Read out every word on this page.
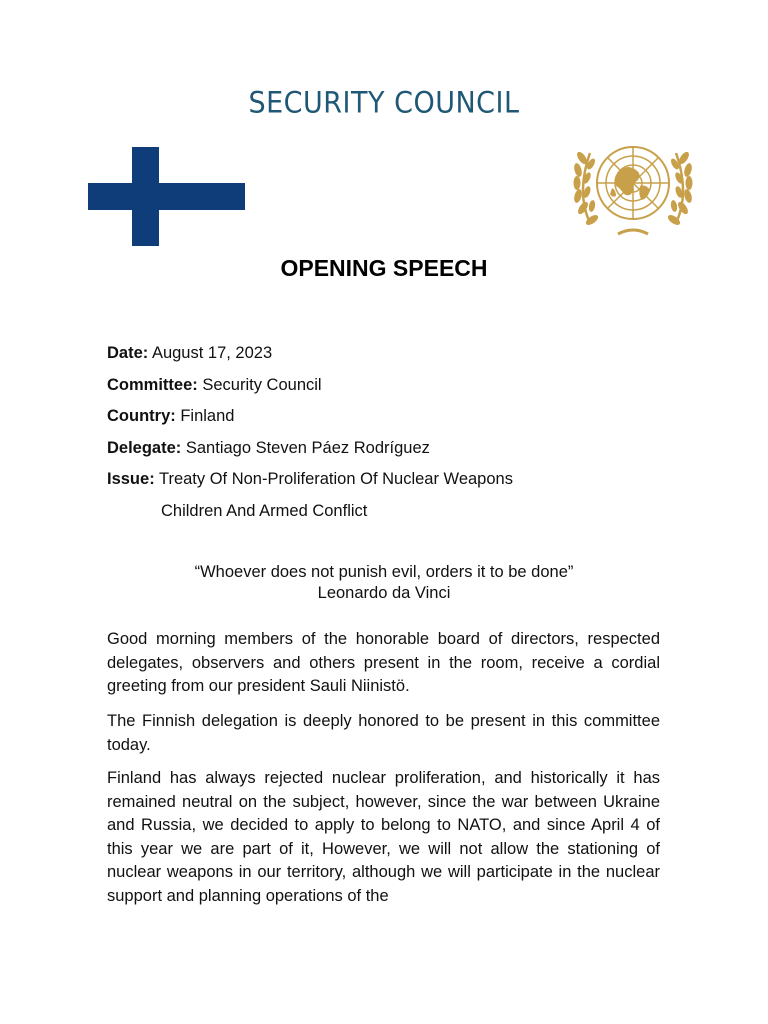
SECURITY COUNCIL
OPENING SPEECH
Date: August 17, 2023
Committee: Security Council
Country: Finland
Delegate: Santiago Steven Páez Rodríguez
Issue: Treaty Of Non-Proliferation Of Nuclear Weapons
Children And Armed Conflict
“Whoever does not punish evil, orders it to be done”
Leonardo da Vinci
Good morning members of the honorable board of directors, respected delegates, observers and others present in the room, receive a cordial greeting from our president Sauli Niinistö.
The Finnish delegation is deeply honored to be present in this committee today.
Finland has always rejected nuclear proliferation, and historically it has remained neutral on the subject, however, since the war between Ukraine and Russia, we decided to apply to belong to NATO, and since April 4 of this year we are part of it, However, we will not allow the stationing of nuclear weapons in our territory, although we will participate in the nuclear support and planning operations of the
